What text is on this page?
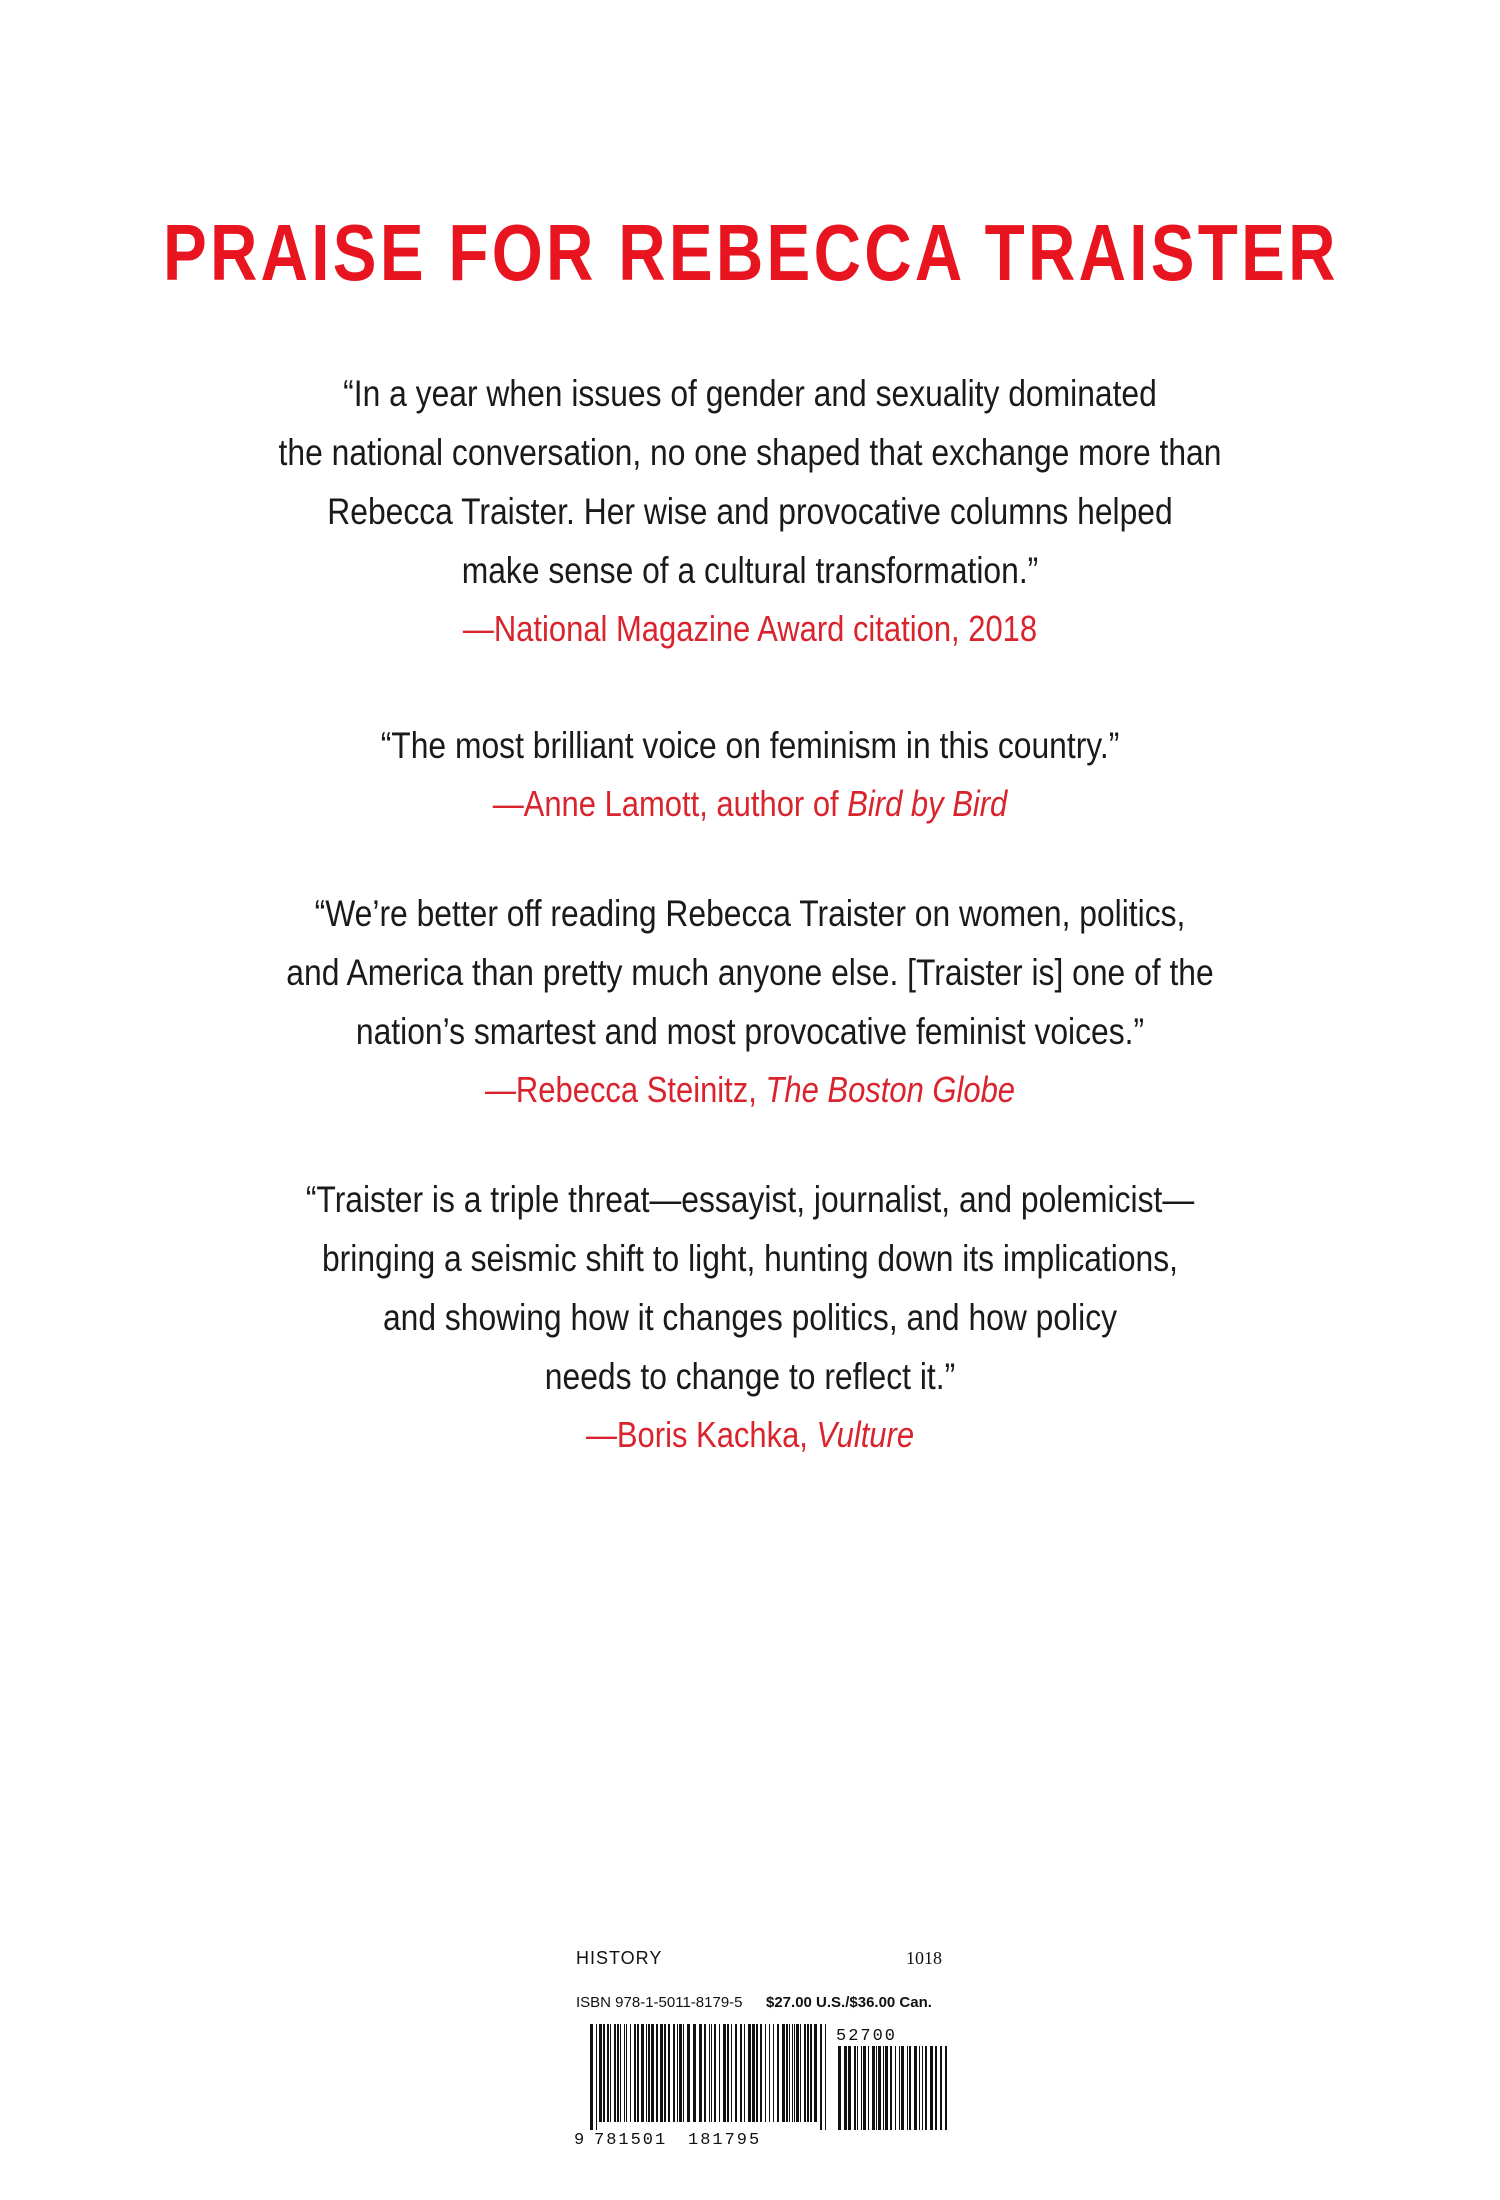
PRAISE FOR REBECCA TRAISTER
“In a year when issues of gender and sexuality dominated
the national conversation, no one shaped that exchange more than
Rebecca Traister. Her wise and provocative columns helped
make sense of a cultural transformation.”
—National Magazine Award citation, 2018
“The most brilliant voice on feminism in this country.”
—Anne Lamott, author of Bird by Bird
“We’re better off reading Rebecca Traister on women, politics,
and America than pretty much anyone else. [Traister is] one of the
nation’s smartest and most provocative feminist voices.”
—Rebecca Steinitz, The Boston Globe
“Traister is a triple threat—essayist, journalist, and polemicist—
bringing a seismic shift to light, hunting down its implications,
and showing how it changes politics, and how policy
needs to change to reflect it.”
—Boris Kachka, Vulture
HISTORY	1018
ISBN 978-1-5011-8179-5 $27.00 U.S./$36.00 Can.
52700
9 781501 181795
